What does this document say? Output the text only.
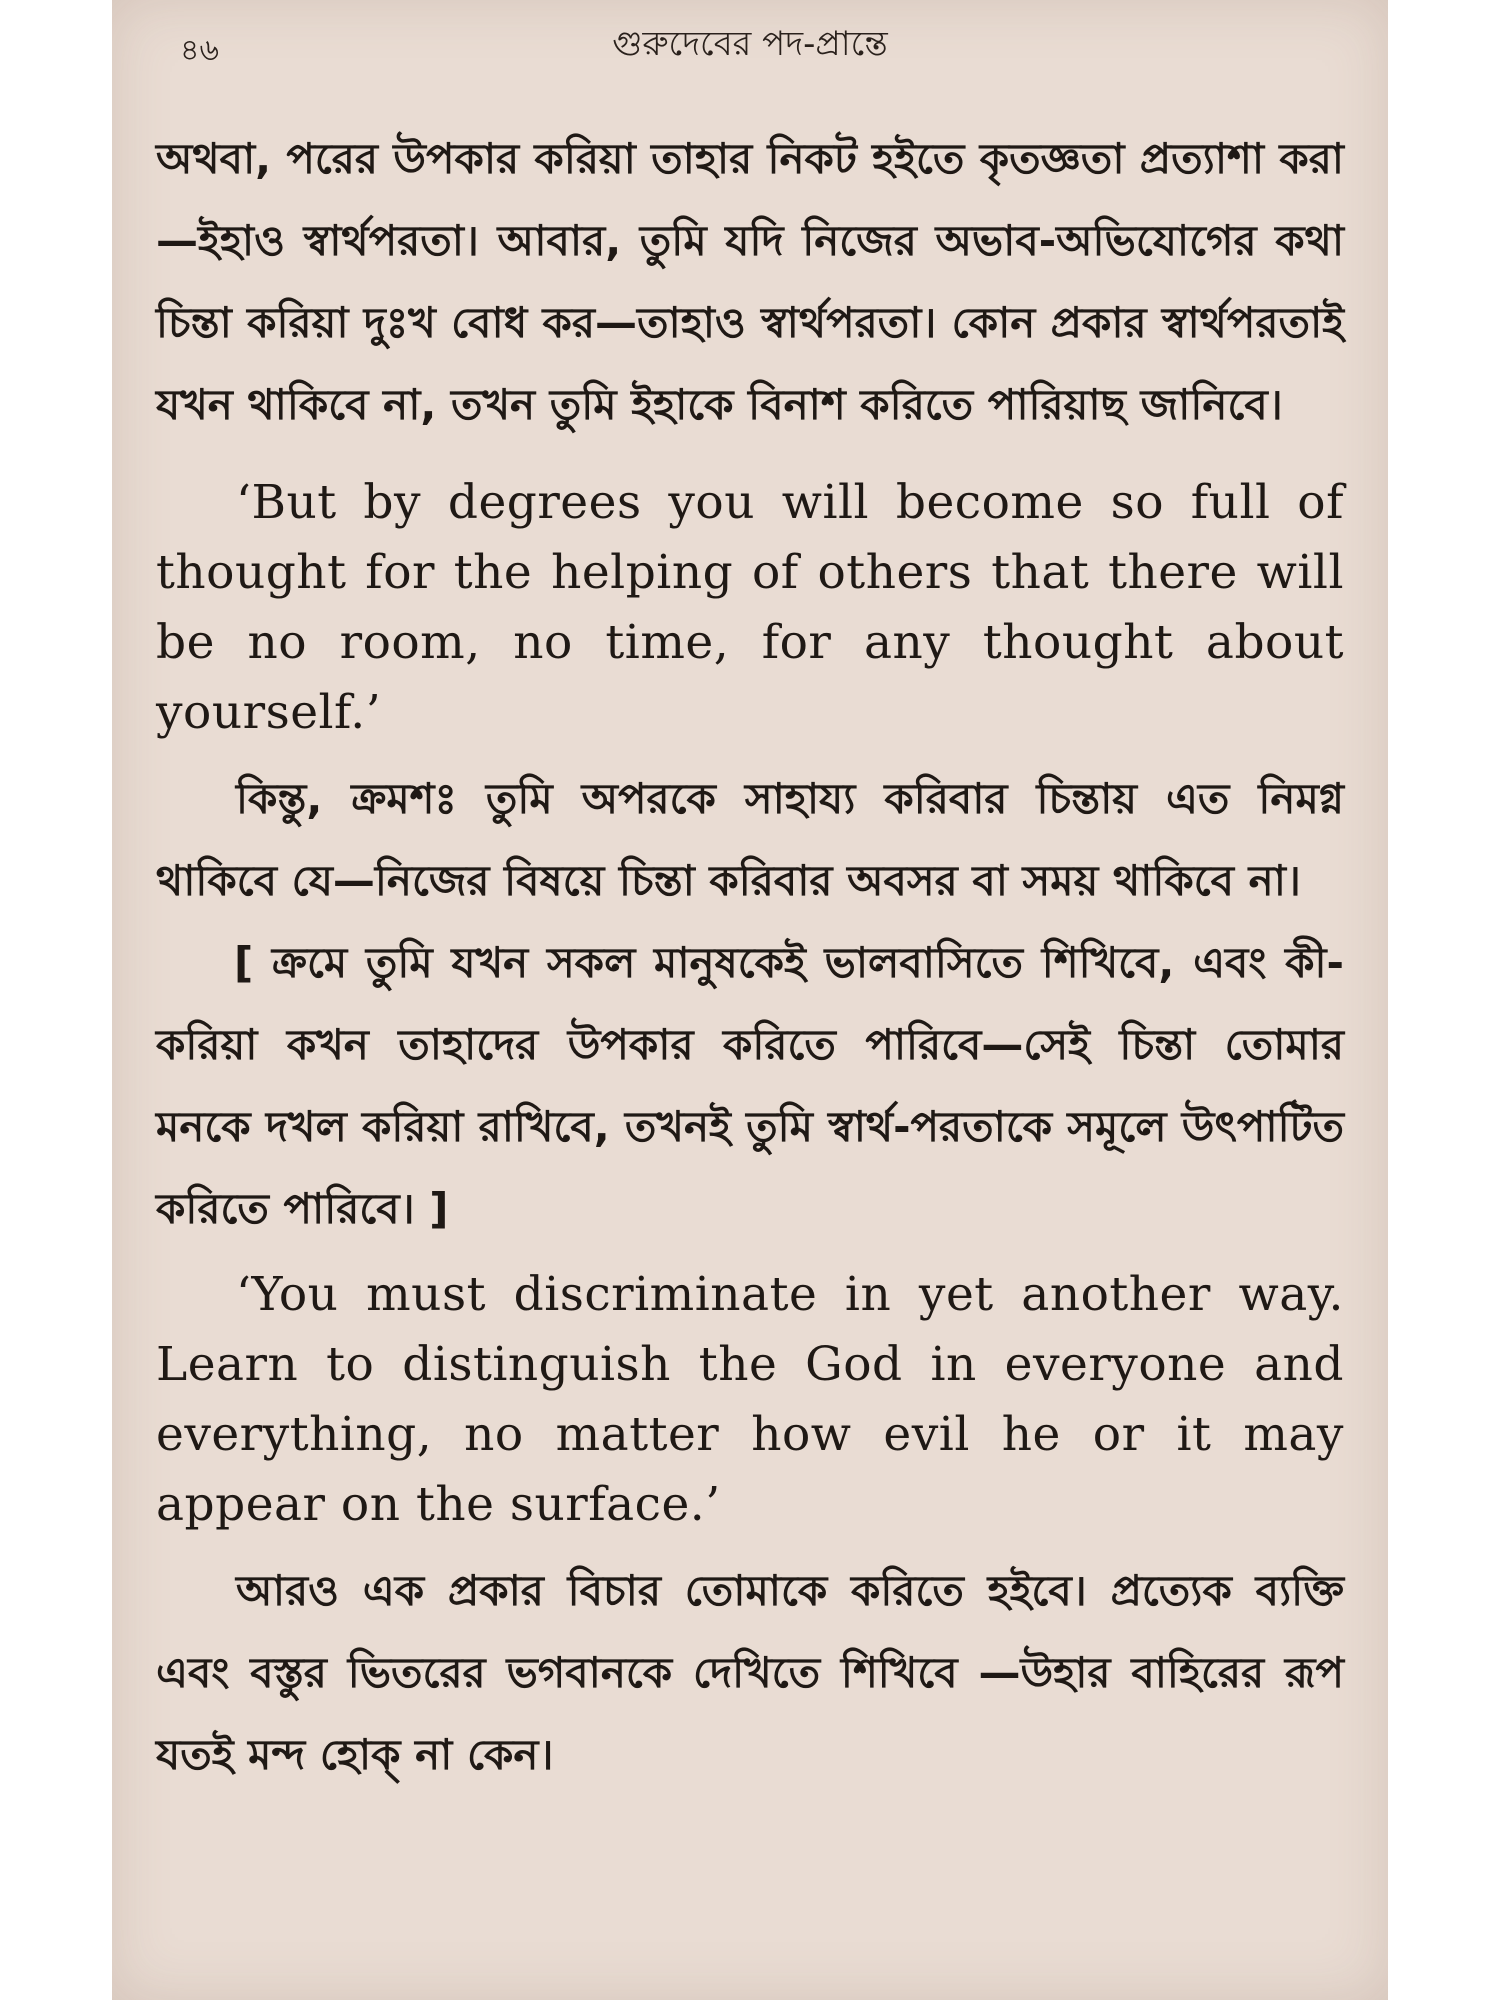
৪৬	গুরুদেবের পদ-প্রান্তে

অথবা, পরের উপকার করিয়া তাহার নিকট হইতে কৃতজ্ঞতা প্রত্যাশা করা—ইহাও স্বার্থপরতা। আবার, তুমি যদি নিজের অভাব-অভিযোগের কথা চিন্তা করিয়া দুঃখ বোধ কর—তাহাও স্বার্থপরতা। কোন প্রকার স্বার্থপরতাই যখন থাকিবে না, তখন তুমি ইহাকে বিনাশ করিতে পারিয়াছ জানিবে।

‘But by degrees you will become so full of thought for the helping of others that there will be no room, no time, for any thought about yourself.’

কিন্তু, ক্রমশঃ তুমি অপরকে সাহায্য করিবার চিন্তায় এত নিমগ্ন থাকিবে যে—নিজের বিষয়ে চিন্তা করিবার অবসর বা সময় থাকিবে না।

[ ক্রমে তুমি যখন সকল মানুষকেই ভালবাসিতে শিখিবে, এবং কী-করিয়া কখন তাহাদের উপকার করিতে পারিবে—সেই চিন্তা তোমার মনকে দখল করিয়া রাখিবে, তখনই তুমি স্বার্থ-পরতাকে সমূলে উৎপাটিত করিতে পারিবে। ]

‘You must discriminate in yet another way. Learn to distinguish the God in everyone and everything, no matter how evil he or it may appear on the surface.’

আরও এক প্রকার বিচার তোমাকে করিতে হইবে। প্রত্যেক ব্যক্তি এবং বস্তুর ভিতরের ভগবানকে দেখিতে শিখিবে —উহার বাহিরের রূপ যতই মন্দ হোক্ না কেন।
